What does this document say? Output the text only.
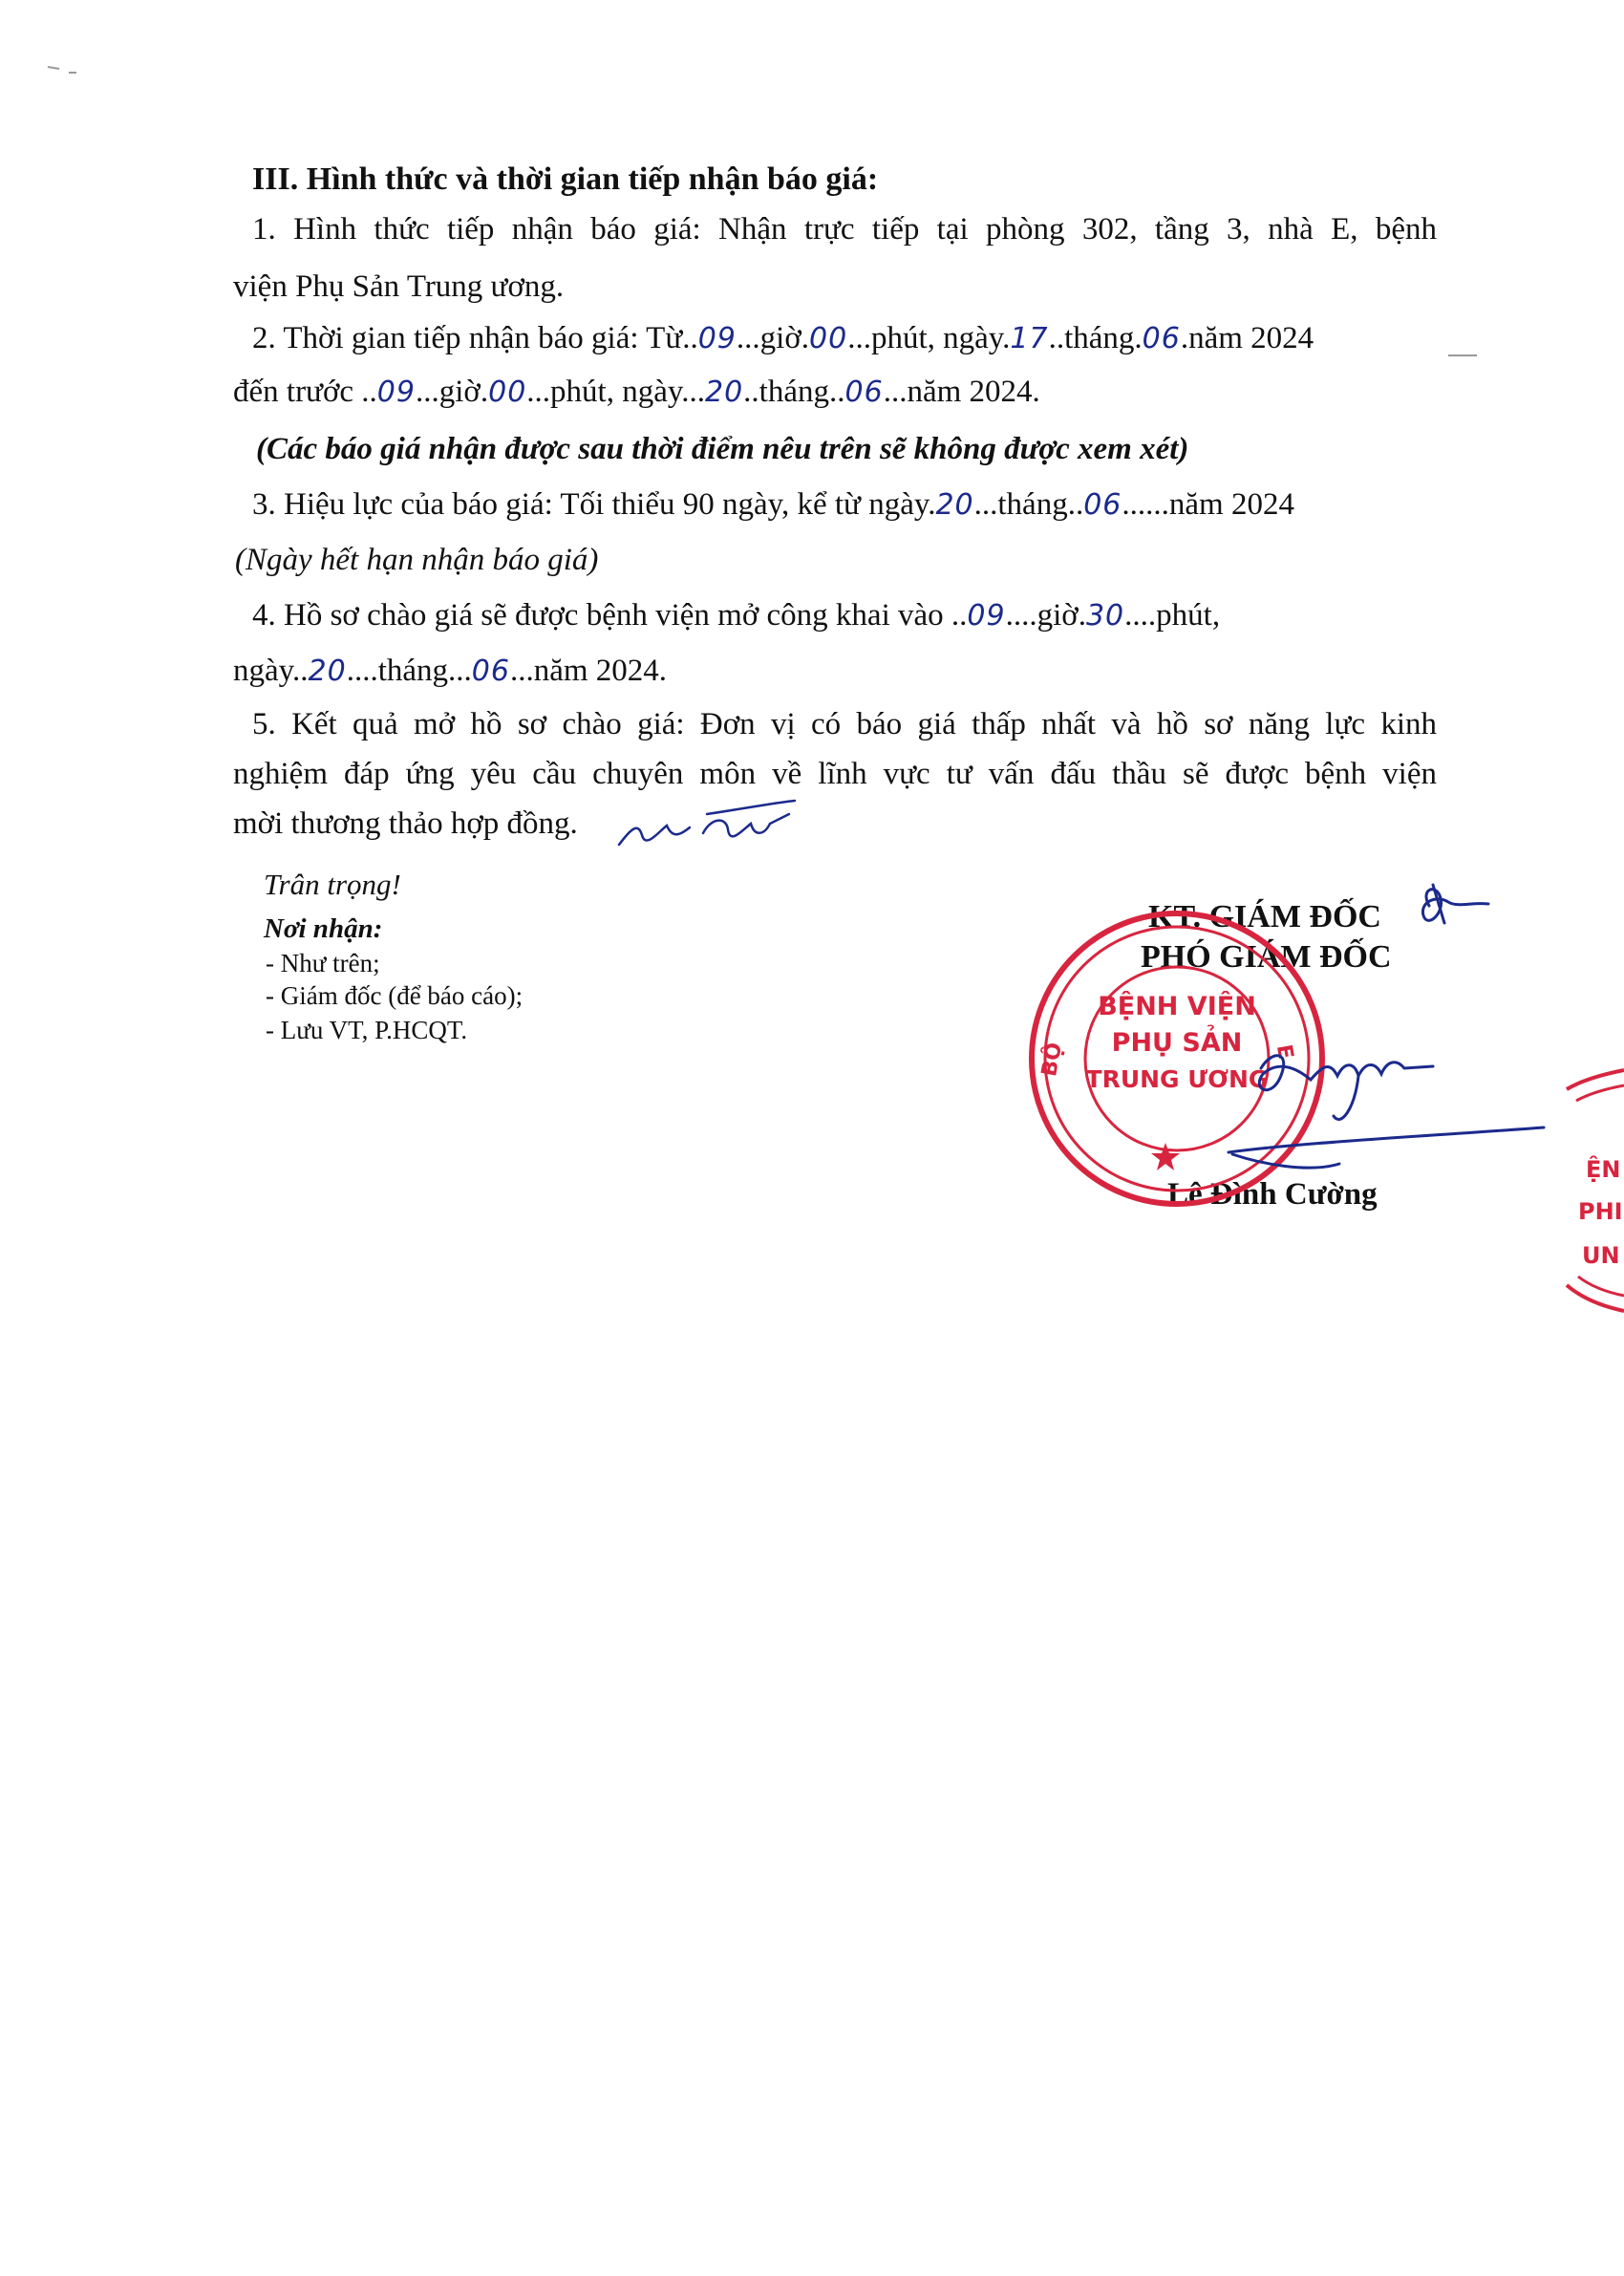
III. Hình thức và thời gian tiếp nhận báo giá:
1. Hình thức tiếp nhận báo giá: Nhận trực tiếp tại phòng 302, tầng 3, nhà E, bệnh
viện Phụ Sản Trung ương.
2. Thời gian tiếp nhận báo giá: Từ..09...giờ.00...phút, ngày.17..tháng.06.năm 2024
đến trước ..09...giờ.00...phút, ngày...20..tháng..06...năm 2024.
(Các báo giá nhận được sau thời điểm nêu trên sẽ không được xem xét)
3. Hiệu lực của báo giá: Tối thiểu 90 ngày, kể từ ngày.20...tháng..06......năm 2024
(Ngày hết hạn nhận báo giá)
4. Hồ sơ chào giá sẽ được bệnh viện mở công khai vào ..09....giờ.30....phút,
ngày..20....tháng...06...năm 2024.
5. Kết quả mở hồ sơ chào giá: Đơn vị có báo giá thấp nhất và hồ sơ năng lực kinh
nghiệm đáp ứng yêu cầu chuyên môn về lĩnh vực tư vấn đấu thầu sẽ được bệnh viện
mời thương thảo hợp đồng.
Trân trọng!
Nơi nhận:
- Như trên;
- Giám đốc (để báo cáo);
- Lưu VT, P.HCQT.
KT. GIÁM ĐỐC
PHÓ GIÁM ĐỐC
Lê Đình Cường
BỆNH VIỆN
PHỤ SẢN
TRUNG ƯƠNG
BỘ	E
ỆN
PHI
UN
